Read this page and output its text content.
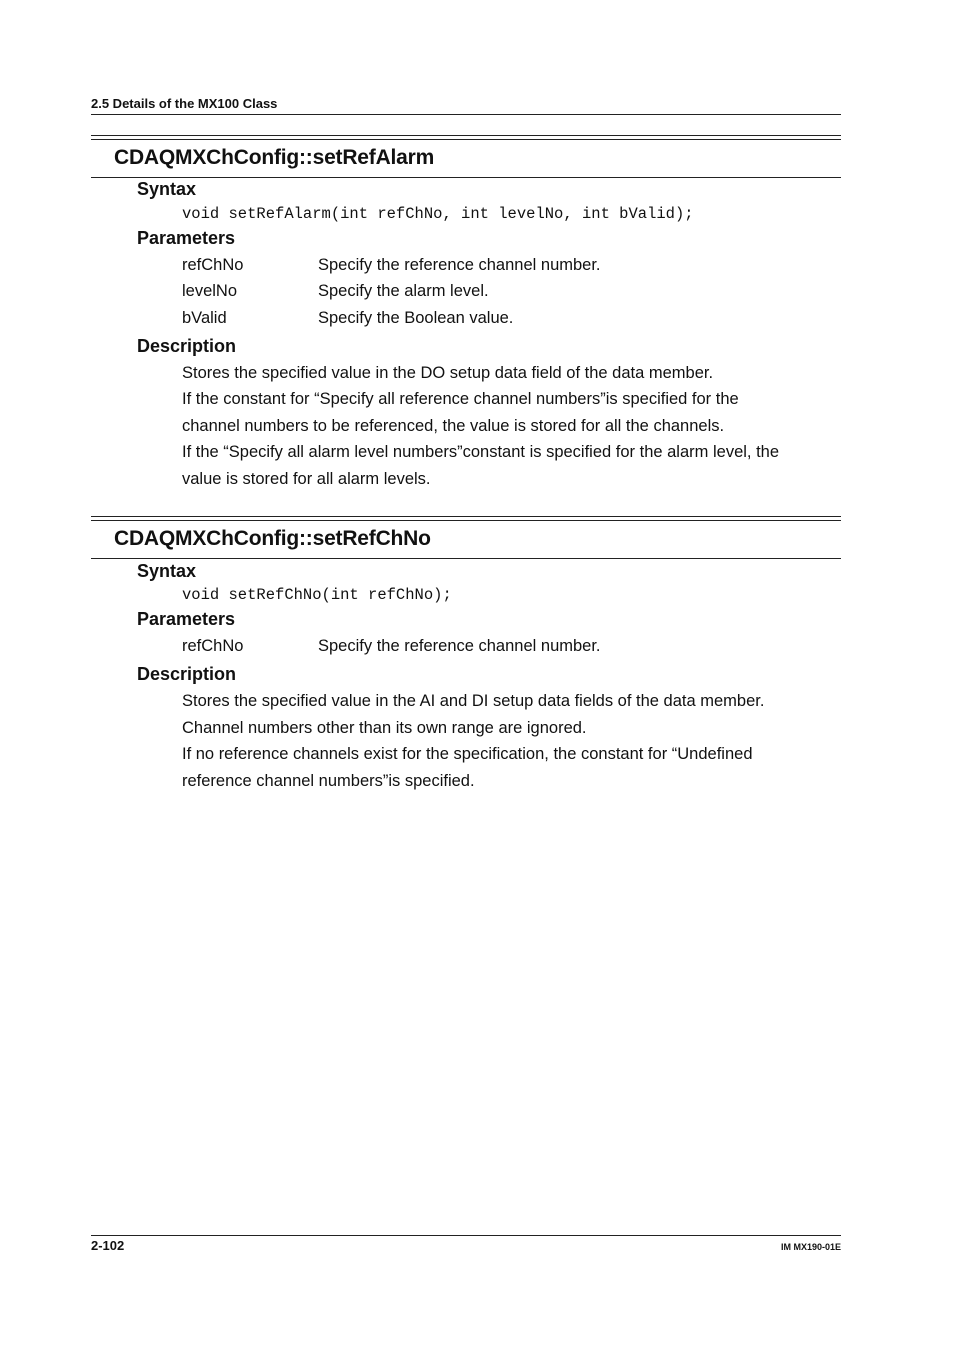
2.5 Details of the MX100 Class
CDAQMXChConfig::setRefAlarm
Syntax
void setRefAlarm(int refChNo, int levelNo, int bValid);
Parameters
refChNo	Specify the reference channel number.
levelNo	Specify the alarm level.
bValid	Specify the Boolean value.
Description
Stores the specified value in the DO setup data field of the data member.
If the constant for “Specify all reference channel numbers”is specified for the
channel numbers to be referenced, the value is stored for all the channels.
If the “Specify all alarm level numbers”constant is specified for the alarm level, the
value is stored for all alarm levels.
CDAQMXChConfig::setRefChNo
Syntax
void setRefChNo(int refChNo);
Parameters
refChNo	Specify the reference channel number.
Description
Stores the specified value in the AI and DI setup data fields of the data member.
Channel numbers other than its own range are ignored.
If no reference channels exist for the specification, the constant for “Undefined
reference channel numbers”is specified.
2-102	IM MX190-01E
